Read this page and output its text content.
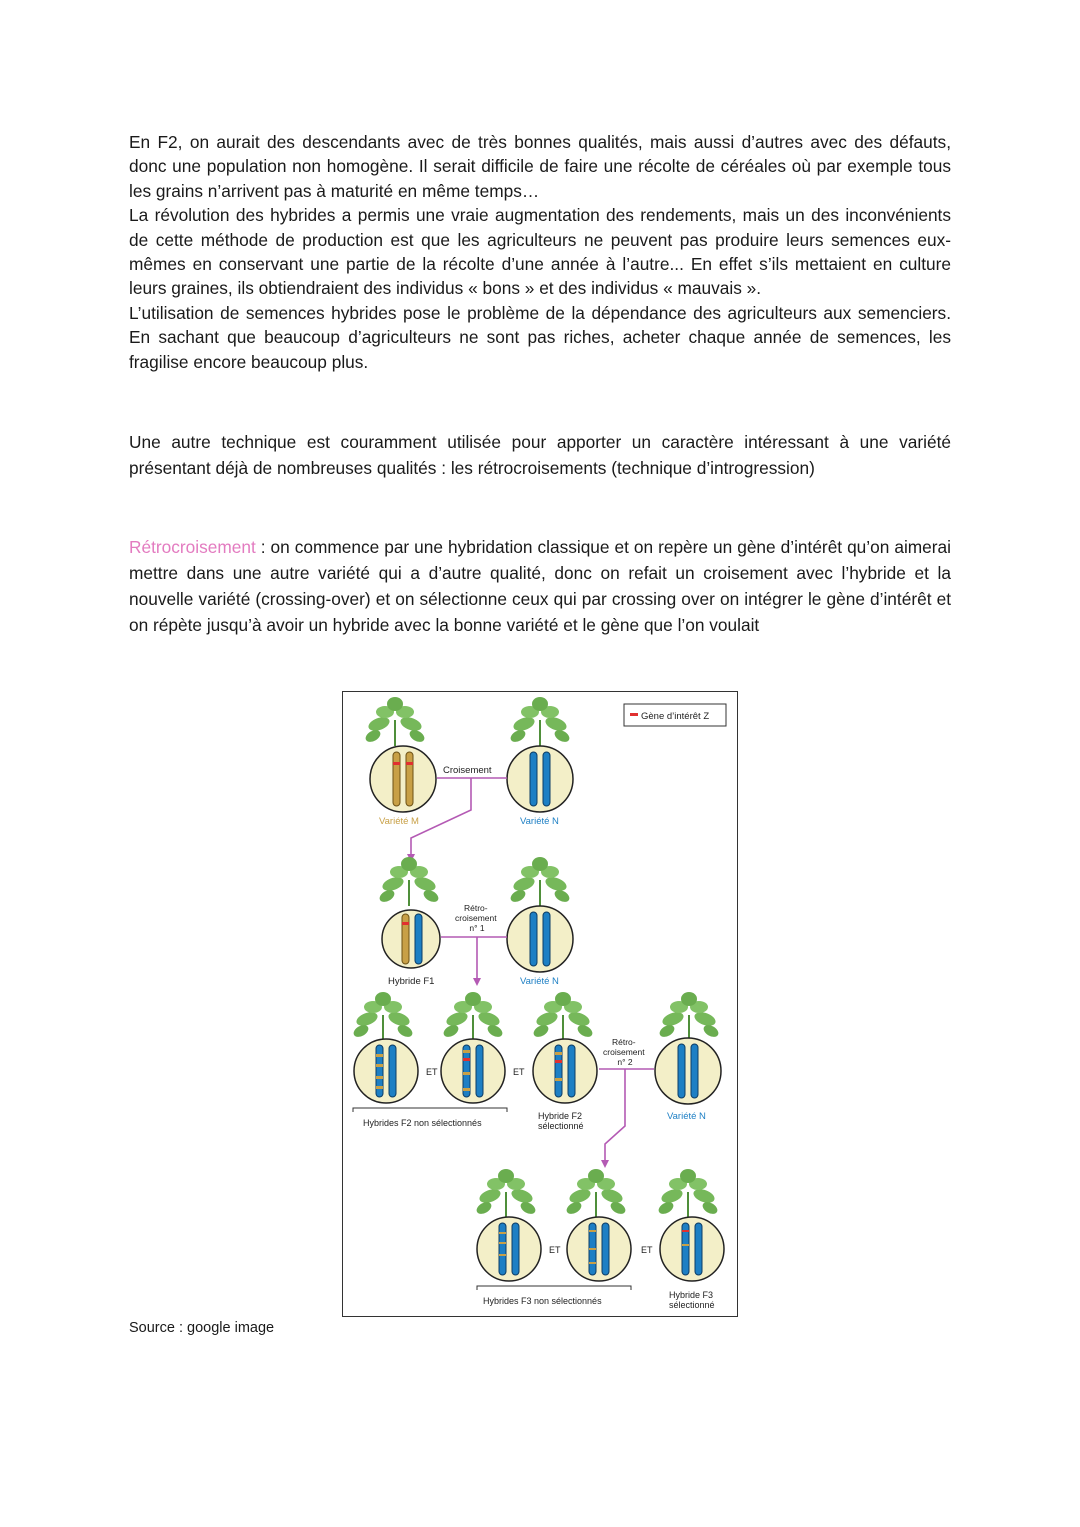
En F2, on aurait des descendants avec de très bonnes qualités, mais aussi d’autres avec des défauts, donc une population non homogène. Il serait difficile de faire une récolte de céréales où par exemple tous les grains n’arrivent pas à maturité en même temps…

La révolution des hybrides a permis une vraie augmentation des rendements, mais un des inconvénients de cette méthode de production est que les agriculteurs ne peuvent pas produire leurs semences eux-mêmes en conservant une partie de la récolte d’une année à l’autre... En effet s’ils mettaient en culture leurs graines, ils obtiendraient des individus « bons » et des individus « mauvais ».

L’utilisation de semences hybrides pose le problème de la dépendance des agriculteurs aux semenciers. En sachant que beaucoup d’agriculteurs ne sont pas riches, acheter chaque année de semences, les fragilise encore beaucoup plus.

Une autre technique est couramment utilisée pour apporter un caractère intéressant à une variété présentant déjà de nombreuses qualités : les rétrocroisements (technique d’introgression)

Rétrocroisement : on commence par une hybridation classique et on repère un gène d’intérêt qu’on aimerai mettre dans une autre variété qui a d’autre qualité, donc on refait un croisement avec l’hybride et la nouvelle variété (crossing-over) et on sélectionne ceux qui par crossing over on intégrer le gène d’intérêt et on répète jusqu’à avoir un hybride avec la bonne variété et le gène que l’on voulait

Gène d’intérêt Z
Croisement
Variété M	Variété N
Rétro- croisement n° 1
Hybride F1	Variété N
ET	ET
Rétro- croisement n° 2
Hybrides F2 non sélectionnés
Hybride F2 sélectionné
Variété N
ET	ET
Hybrides F3 non sélectionnés
Hybride F3 sélectionné
Source : google image
